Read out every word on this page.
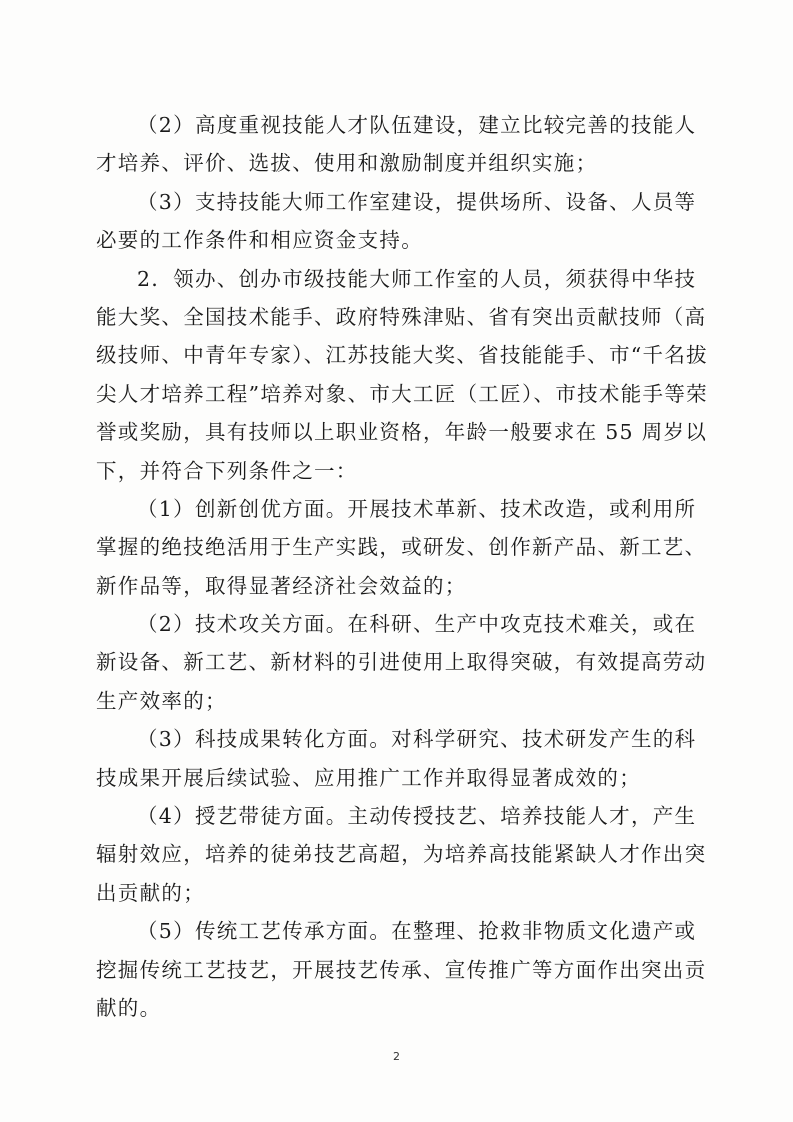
（2）高度重视技能人才队伍建设，建立比较完善的技能人
才培养、评价、选拔、使用和激励制度并组织实施；
（3）支持技能大师工作室建设，提供场所、设备、人员等
必要的工作条件和相应资金支持。
2．领办、创办市级技能大师工作室的人员，须获得中华技
能大奖、全国技术能手、政府特殊津贴、省有突出贡献技师（高
级技师、中青年专家）、江苏技能大奖、省技能能手、市“千名拔
尖人才培养工程”培养对象、市大工匠（工匠）、市技术能手等荣
誉或奖励，具有技师以上职业资格，年龄一般要求在 55 周岁以
下，并符合下列条件之一：
（1）创新创优方面。开展技术革新、技术改造，或利用所
掌握的绝技绝活用于生产实践，或研发、创作新产品、新工艺、
新作品等，取得显著经济社会效益的；
（2）技术攻关方面。在科研、生产中攻克技术难关，或在
新设备、新工艺、新材料的引进使用上取得突破，有效提高劳动
生产效率的；
（3）科技成果转化方面。对科学研究、技术研发产生的科
技成果开展后续试验、应用推广工作并取得显著成效的；
（4）授艺带徒方面。主动传授技艺、培养技能人才，产生
辐射效应，培养的徒弟技艺高超，为培养高技能紧缺人才作出突
出贡献的；
（5）传统工艺传承方面。在整理、抢救非物质文化遗产或
挖掘传统工艺技艺，开展技艺传承、宣传推广等方面作出突出贡
献的。
2
